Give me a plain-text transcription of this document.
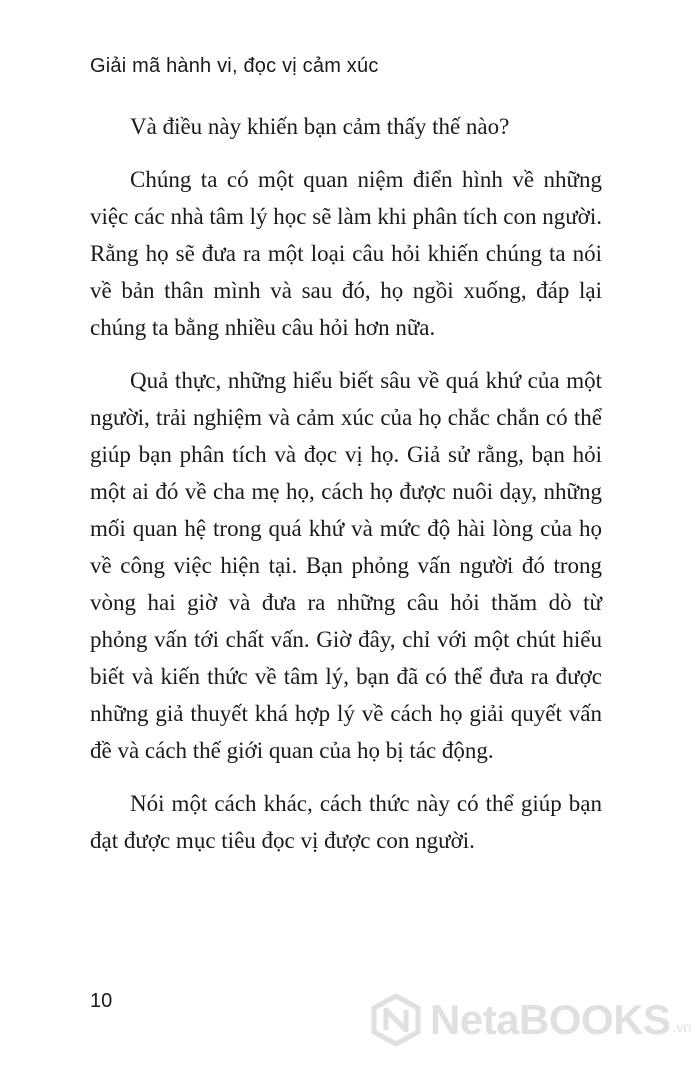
Giải mã hành vi, đọc vị cảm xúc

Và điều này khiến bạn cảm thấy thế nào?

Chúng ta có một quan niệm điển hình về những việc các nhà tâm lý học sẽ làm khi phân tích con người. Rằng họ sẽ đưa ra một loại câu hỏi khiến chúng ta nói về bản thân mình và sau đó, họ ngồi xuống, đáp lại chúng ta bằng nhiều câu hỏi hơn nữa.

Quả thực, những hiểu biết sâu về quá khứ của một người, trải nghiệm và cảm xúc của họ chắc chắn có thể giúp bạn phân tích và đọc vị họ. Giả sử rằng, bạn hỏi một ai đó về cha mẹ họ, cách họ được nuôi dạy, những mối quan hệ trong quá khứ và mức độ hài lòng của họ về công việc hiện tại. Bạn phỏng vấn người đó trong vòng hai giờ và đưa ra những câu hỏi thăm dò từ phỏng vấn tới chất vấn. Giờ đây, chỉ với một chút hiểu biết và kiến thức về tâm lý, bạn đã có thể đưa ra được những giả thuyết khá hợp lý về cách họ giải quyết vấn đề và cách thế giới quan của họ bị tác động.

Nói một cách khác, cách thức này có thể giúp bạn đạt được mục tiêu đọc vị được con người.

10	NetaBOOKS .vn
